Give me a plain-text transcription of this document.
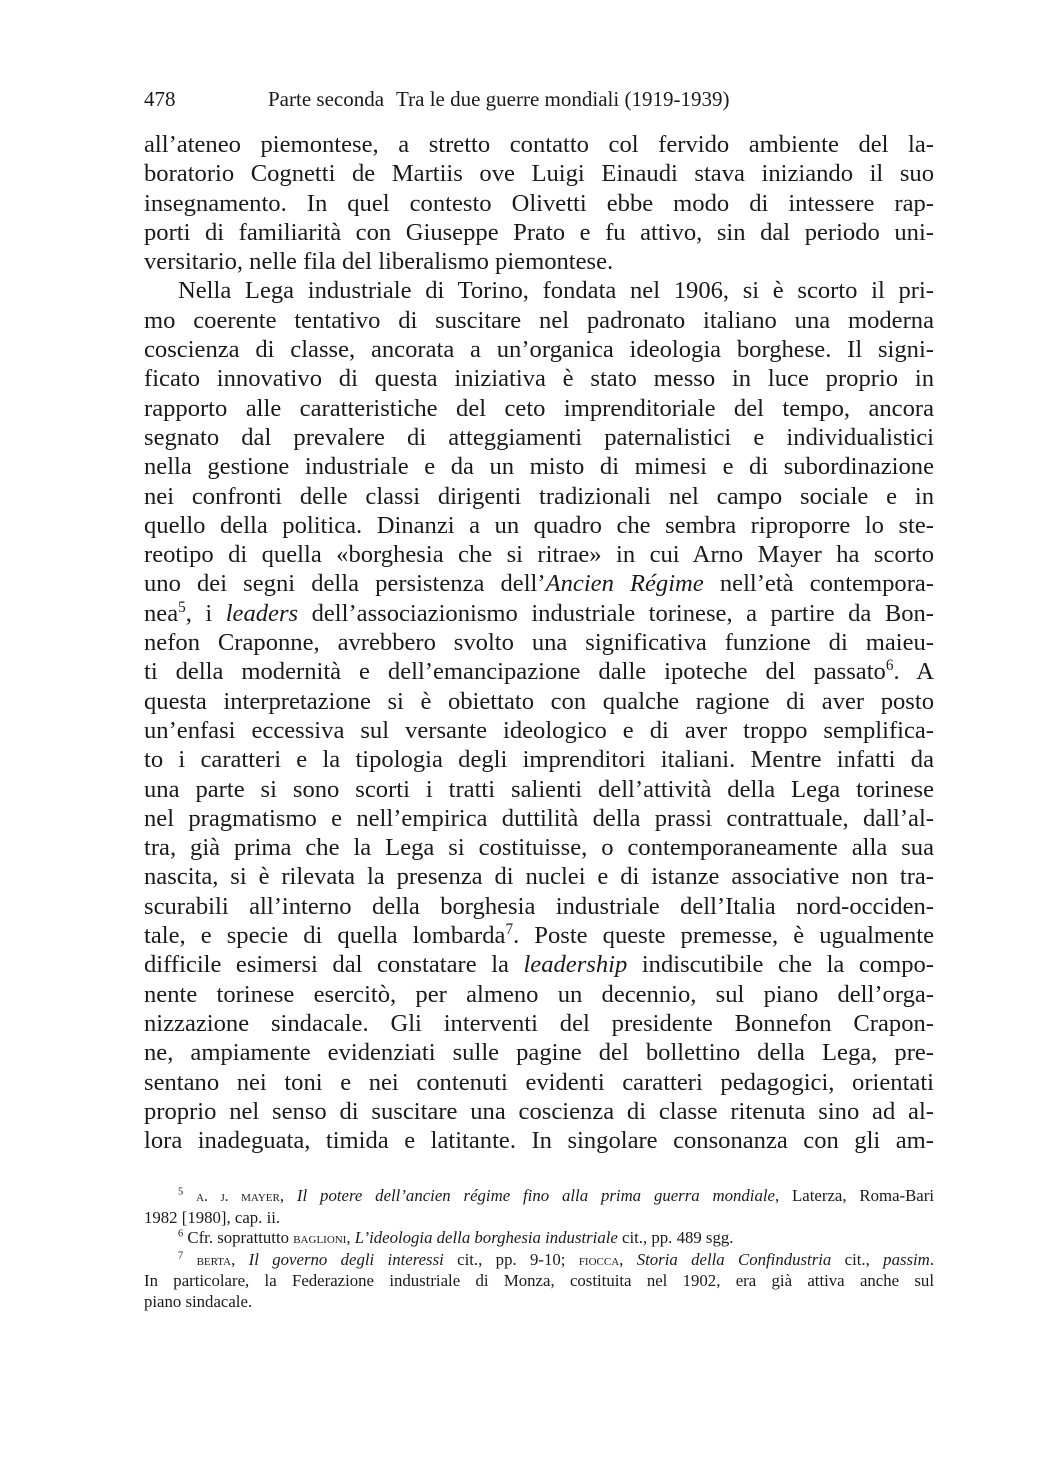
478	Parte seconda Tra le due guerre mondiali (1919-1939)
all’ateneo piemontese, a stretto contatto col fervido ambiente del la-
boratorio Cognetti de Martiis ove Luigi Einaudi stava iniziando il suo
insegnamento. In quel contesto Olivetti ebbe modo di intessere rap-
porti di familiarità con Giuseppe Prato e fu attivo, sin dal periodo uni-
versitario, nelle fila del liberalismo piemontese.
Nella Lega industriale di Torino, fondata nel 1906, si è scorto il pri-
mo coerente tentativo di suscitare nel padronato italiano una moderna
coscienza di classe, ancorata a un’organica ideologia borghese. Il signi-
ficato innovativo di questa iniziativa è stato messo in luce proprio in
rapporto alle caratteristiche del ceto imprenditoriale del tempo, ancora
segnato dal prevalere di atteggiamenti paternalistici e individualistici
nella gestione industriale e da un misto di mimesi e di subordinazione
nei confronti delle classi dirigenti tradizionali nel campo sociale e in
quello della politica. Dinanzi a un quadro che sembra riproporre lo ste-
reotipo di quella «borghesia che si ritrae» in cui Arno Mayer ha scorto
uno dei segni della persistenza dell’Ancien Régime nell’età contempora-
nea$^5$, i leaders dell’associazionismo industriale torinese, a partire da Bon-
nefon Craponne, avrebbero svolto una significativa funzione di maieu-
ti della modernità e dell’emancipazione dalle ipoteche del passato$^6$. A
questa interpretazione si è obiettato con qualche ragione di aver posto
un’enfasi eccessiva sul versante ideologico e di aver troppo semplifica-
to i caratteri e la tipologia degli imprenditori italiani. Mentre infatti da
una parte si sono scorti i tratti salienti dell’attività della Lega torinese
nel pragmatismo e nell’empirica duttilità della prassi contrattuale, dall’al-
tra, già prima che la Lega si costituisse, o contemporaneamente alla sua
nascita, si è rilevata la presenza di nuclei e di istanze associative non tra-
scurabili all’interno della borghesia industriale dell’Italia nord-occiden-
tale, e specie di quella lombarda$^7$. Poste queste premesse, è ugualmente
difficile esimersi dal constatare la leadership indiscutibile che la compo-
nente torinese esercitò, per almeno un decennio, sul piano dell’orga-
nizzazione sindacale. Gli interventi del presidente Bonnefon Crapon-
ne, ampiamente evidenziati sulle pagine del bollettino della Lega, pre-
sentano nei toni e nei contenuti evidenti caratteri pedagogici, orientati
proprio nel senso di suscitare una coscienza di classe ritenuta sino ad al-
lora inadeguata, timida e latitante. In singolare consonanza con gli am-
$^5$ a. j. mayer, Il potere dell’ancien régime fino alla prima guerra mondiale, Laterza, Roma-Bari
1982 [1980], cap. ii.
$^6$ Cfr. soprattutto baglioni, L’ideologia della borghesia industriale cit., pp. 489 sgg.
$^7$ berta, Il governo degli interessi cit., pp. 9-10; fiocca, Storia della Confindustria cit., passim.
In particolare, la Federazione industriale di Monza, costituita nel 1902, era già attiva anche sul
piano sindacale.
